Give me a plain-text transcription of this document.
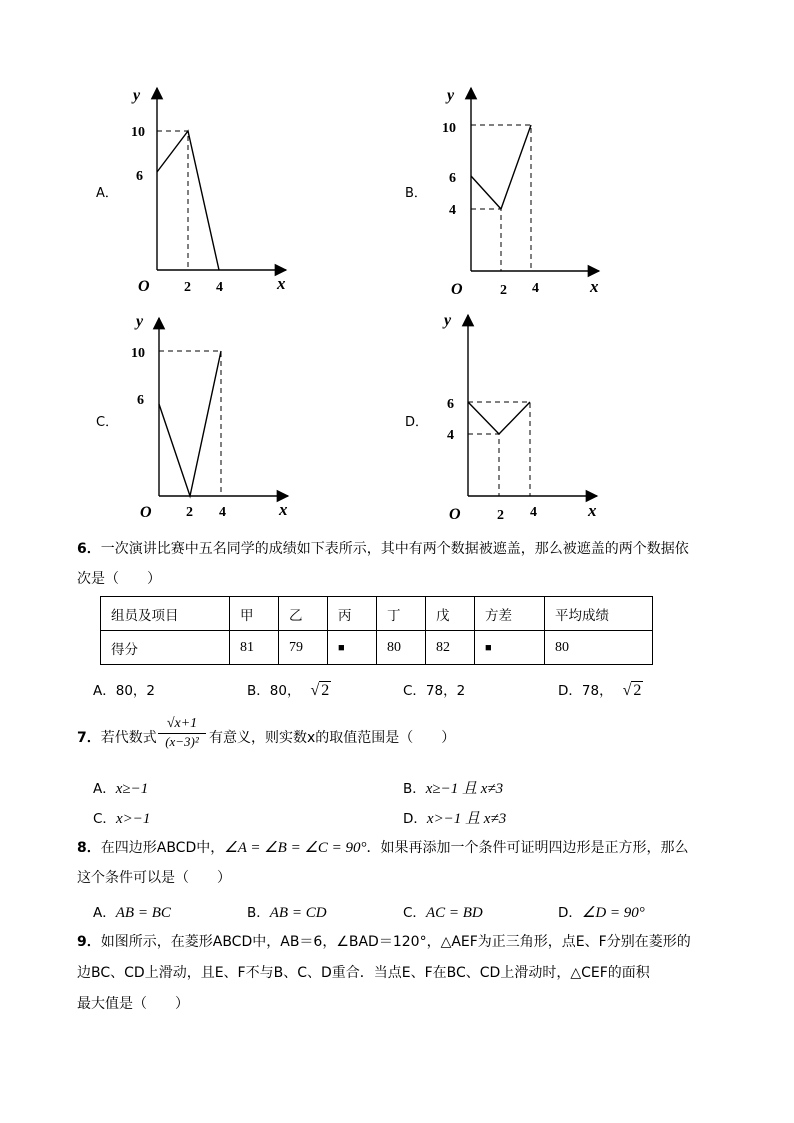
y
10
6
O 2 4	x
y
10
6
4
O	2 4	x
y
10
6
O 2 4	x
y
6
4
O	2 4	x
A．	B．
C．	D．
6．一次演讲比赛中五名同学的成绩如下表所示，其中有两个数据被遮盖，那么被遮盖的两个数据依
次是（　　）
组员及项目	甲	乙	丙	丁	戊	方差	平均成绩
得分	81	79	■	80	82	■	80
A．80，2	B．80， √ 2	C．78，2	D．78， √ 2
7．若代数式 $\frac{√x+1}{\text{(x−3)²}}$ 有意义，则实数x的取值范围是（　　）
A．x≥−1	B．x≥−1 且 x≠3
C．x>−1	D．x>−1 且 x≠3
8．在四边形ABCD中，∠A = ∠B = ∠C = 90°．如果再添加一个条件可证明四边形是正方形，那么
这个条件可以是（　　）
A．AB = BC	B．AB = CD	C．AC = BD	D．∠D = 90°
9．如图所示，在菱形ABCD中，AB＝6，∠BAD＝120°，△AEF为正三角形，点E、F分别在菱形的
边BC、CD上滑动，且E、F不与B、C、D重合．当点E、F在BC、CD上滑动时，△CEF的面积
最大值是（　　）
